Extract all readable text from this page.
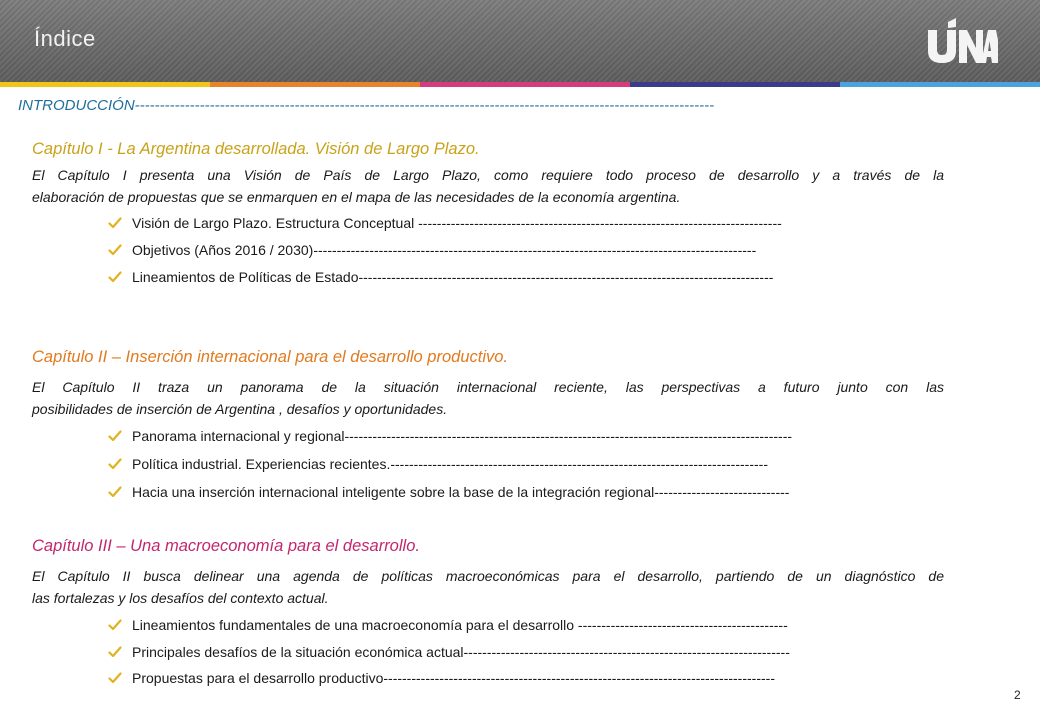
Índice
INTRODUCCIÓN--------------------------------------------------------------------------------------------------------------------
Capítulo I - La Argentina desarrollada. Visión de Largo Plazo.
El Capítulo I presenta una Visión de País de Largo Plazo, como requiere todo proceso de desarrollo y a través de la
elaboración de propuestas que se enmarquen en el mapa de las necesidades de la economía argentina.
Visión de Largo Plazo. Estructura Conceptual ------------------------------------------------------------------------------
Objetivos (Años 2016 / 2030)-----------------------------------------------------------------------------------------------
Lineamientos de Políticas de Estado-----------------------------------------------------------------------------------------
Capítulo II – Inserción internacional para el desarrollo productivo.
El Capítulo II traza un panorama de la situación internacional reciente, las perspectivas a futuro junto con las
posibilidades de inserción de Argentina , desafíos y oportunidades.
Panorama internacional y regional------------------------------------------------------------------------------------------------
Política industrial. Experiencias recientes.---------------------------------------------------------------------------------
Hacia una inserción internacional inteligente sobre la base de la integración regional-----------------------------
Capítulo III – Una macroeconomía para el desarrollo.
El Capítulo II busca delinear una agenda de políticas macroeconómicas para el desarrollo, partiendo de un diagnóstico de
las fortalezas y los desafíos del contexto actual.
Lineamientos fundamentales de una macroeconomía para el desarrollo ---------------------------------------------
Principales desafíos de la situación económica actual----------------------------------------------------------------------
Propuestas para el desarrollo productivo------------------------------------------------------------------------------------
2
